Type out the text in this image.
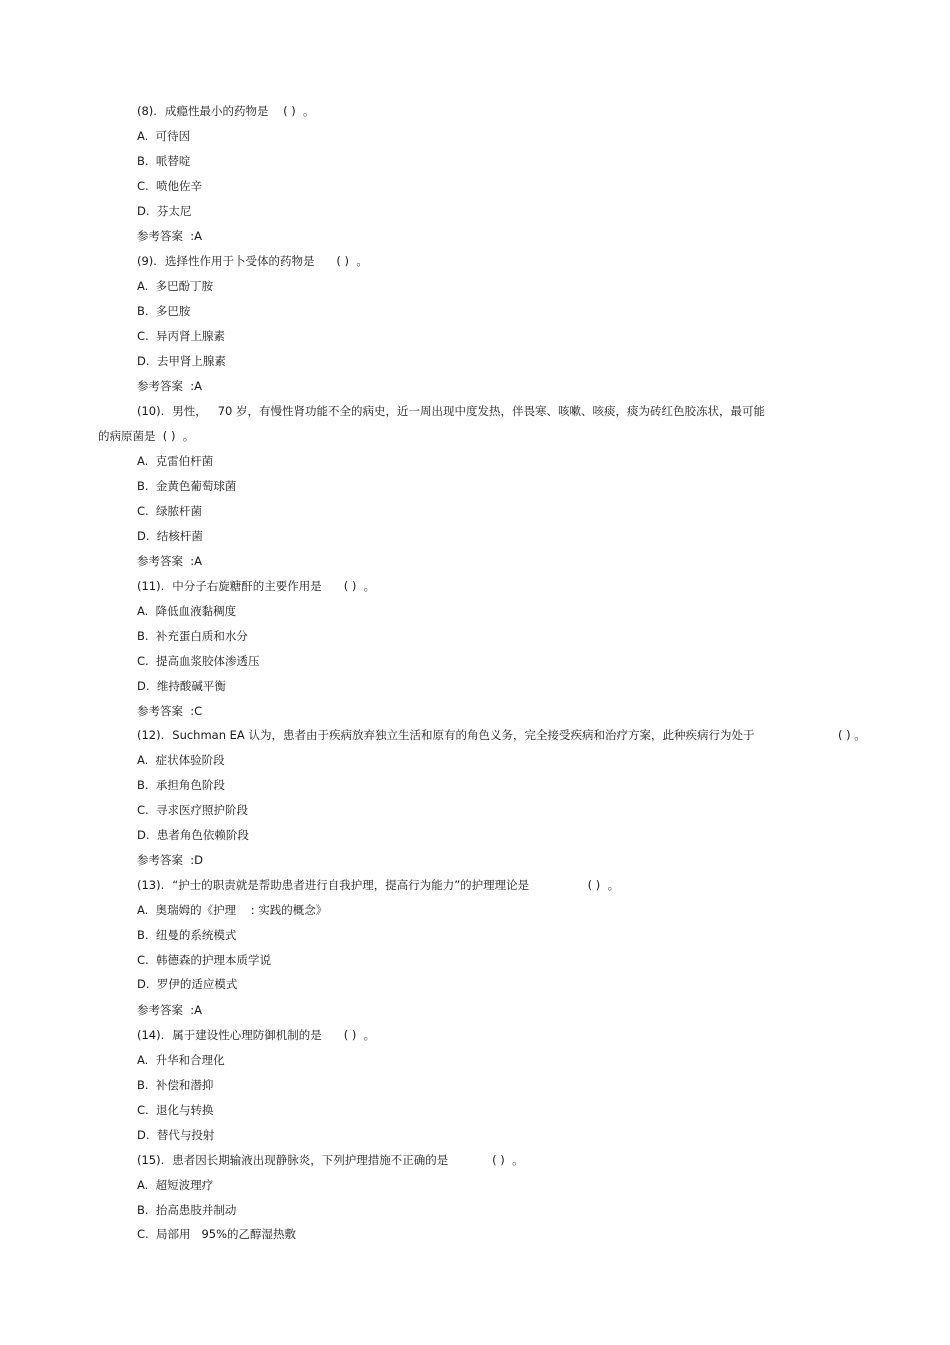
(8). 成瘾性最小的药物是    ( )  。
A.  可待因
B.  哌替啶
C.  喷他佐辛
D.  芬太尼
参考答案  :A
(9). 选择性作用于卜受体的药物是      ( )  。
A.  多巴酚丁胺
B.  多巴胺
C.  异丙肾上腺素
D.  去甲肾上腺素
参考答案  :A
(10). 男性，   70 岁，有慢性肾功能不全的病史，近一周出现中度发热，伴畏寒、咳嗽、咳痰，痰为砖红色胶冻状，最可能
的病原菌是  ( )  。
A.  克雷伯杆菌
B.  金黄色葡萄球菌
C.  绿脓杆菌
D.  结核杆菌
参考答案  :A
(11). 中分子右旋糖酐的主要作用是      ( )  。
A.  降低血液黏稠度
B.  补充蛋白质和水分
C.  提高血浆胶体渗透压
D.  维持酸碱平衡
参考答案  :C
(12). Suchman EA 认为，患者由于疾病放弃独立生活和原有的角色义务，完全接受疾病和治疗方案，此种疾病行为处于	( ) 。
A.  症状体验阶段
B.  承担角色阶段
C.  寻求医疗照护阶段
D.  患者角色依赖阶段
参考答案  :D
(13). “护士的职责就是帮助患者进行自我护理，提高行为能力”的护理理论是                ( )  。
A.  奥瑞姆的《护理    : 实践的概念》
B.  纽曼的系统模式
C.  韩德森的护理本质学说
D.  罗伊的适应模式
参考答案  :A
(14). 属于建设性心理防御机制的是      ( )  。
A.  升华和合理化
B.  补偿和潜抑
C.  退化与转换
D.  替代与投射
(15). 患者因长期输液出现静脉炎，下列护理措施不正确的是            ( )  。
A.  超短波理疗
B.  抬高患肢并制动
C.  局部用   95%的乙醇湿热敷
